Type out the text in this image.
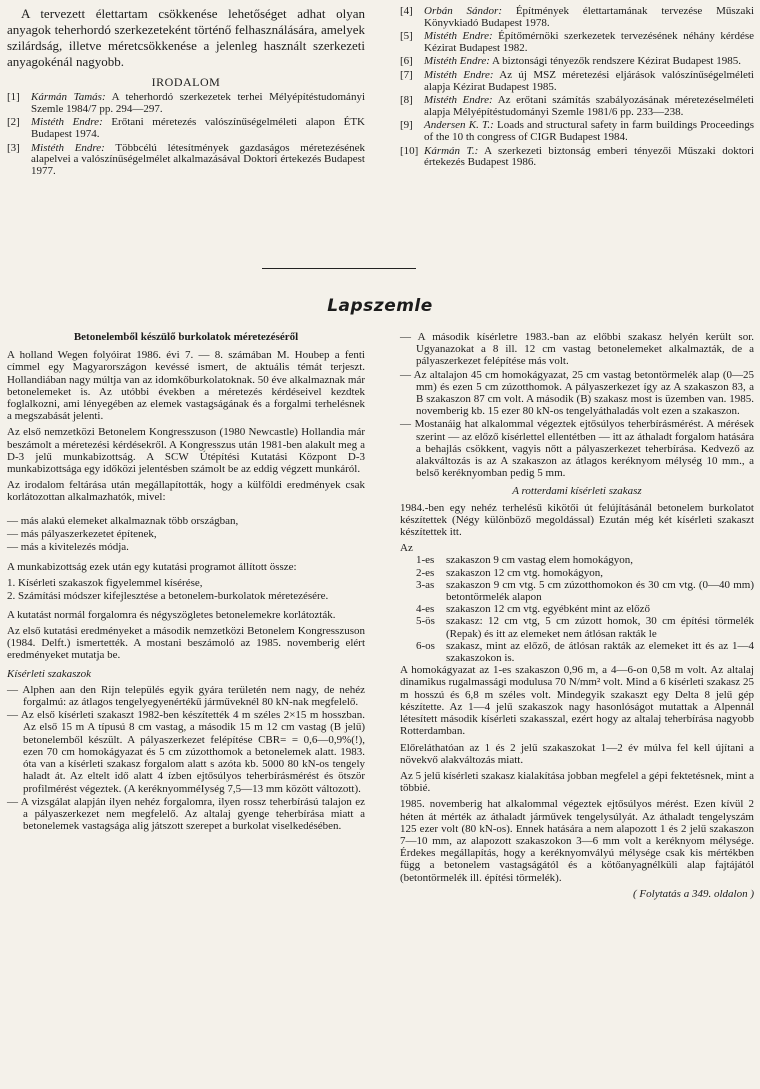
A tervezett élettartam csökkenése lehetőséget adhat olyan anyagok teherhordó szerkezeteként történő felhasználására, amelyek szilárdság, illetve méretcsökkenése a jelenleg használt szerkezeti anyagokénál nagyobb.

IRODALOM
[1]	Kármán Tamás: A teherhordó szerkezetek terhei Mélyépítéstudományi Szemle 1984/7 pp. 294—297.
[2]	Mistéth Endre: Erőtani méretezés valószínűségelméleti alapon ÉTK Budapest 1974.
[3]	Mistéth Endre: Többcélú létesítmények gazdaságos méretezésének alapelvei a valószínűségelmélet alkalmazásával Doktori értekezés Budapest 1977.
[4]	Orbán Sándor: Építmények élettartamának tervezése Műszaki Könyvkiadó Budapest 1978.
[5]	Mistéth Endre: Építőmérnöki szerkezetek tervezésének néhány kérdése Kézirat Budapest 1982.
[6]	Mistéth Endre: A biztonsági tényezők rendszere Kézirat Budapest 1985.
[7]	Mistéth Endre: Az új MSZ méretezési eljárások valószínűségelméleti alapja Kézirat Budapest 1985.
[8]	Mistéth Endre: Az erőtani számítás szabályozásának méretezéselméleti alapja Mélyépítéstudományi Szemle 1981/6 pp. 233—238.
[9]	Andersen K. T.: Loads and structural safety in farm buildings Proceedings of the 10 th congress of CIGR Budapest 1984.
[10] Kármán T.: A szerkezeti biztonság emberi tényezői Műszaki doktori értekezés Budapest 1986.
Lapszemle
Betonelemből készülő burkolatok méretezéséről

A holland Wegen folyóirat 1986. évi 7. — 8. számában M. Houbep a fenti címmel egy Magyarországon kevéssé ismert, de aktuális témát terjeszt. Hollandiában nagy múltja van az idomkőburkolatoknak. 50 éve alkalmaznak már betonelemeket is. Az utóbbi években a méretezés kérdéseivel kezdtek foglalkozni, ami lényegében az elemek vastagságának és a forgalmi terhelésnek a megszabását jelenti.

Az első nemzetközi Betonelem Kongresszuson (1980 Newcastle) Hollandia már beszámolt a méretezési kérdésekről. A Kongresszus után 1981-ben alakult meg a D-3 jelű munkabizottság. A SCW Útépítési Kutatási Központ D-3 munkabizottsága egy időközi jelentésben számolt be az eddig végzett munkáról.

Az irodalom feltárása után megállapították, hogy a külföldi eredmények csak korlátozottan alkalmazhatók, mivel:

— más alakú elemeket alkalmaznak több országban,
— más pályaszerkezetet építenek,
— más a kivitelezés módja.

A munkabizottság ezek után egy kutatási programot állított össze:

1. Kísérleti szakaszok figyelemmel kísérése,
2. Számítási módszer kifejlesztése a betonelem-burkolatok méretezésére.

A kutatást normál forgalomra és négyszögletes betonelemekre korlátozták.

Az első kutatási eredményeket a második nemzetközi Betonelem Kongresszuson (1984. Delft.) ismertették. A mostani beszámoló az 1985. novemberig elért eredményeket mutatja be.

Kísérleti szakaszok
— Alphen aan den Rijn település egyik gyára területén nem nagy, de nehéz forgalmú: az átlagos tengelyegyenértékű járműveknél 80 kN-nak megfelelő.
— Az első kísérleti szakaszt 1982-ben készítették 4 m széles 2×15 m hosszban. Az első 15 m A típusú 8 cm vastag, a második 15 m 12 cm vastag (B jelű) betonelemből készült. A pályaszerkezet felépítése CBR= = 0,6—0,9%(!), ezen 70 cm homokágyazat és 5 cm zúzotthomok a betonelemek alatt. 1983. óta van a kísérleti szakasz forgalom alatt s azóta kb. 5000 80 kN-os tengely haladt át. Az eltelt idő alatt 4 ízben ejtősúlyos teherbírásmérést és ötször profilmérést végeztek. (A keréknyomméIység 7,5—13 mm között változott).
— A vizsgálat alapján ilyen nehéz forgalomra, ilyen rossz teherbírású talajon ez a pályaszerkezet nem megfelelő. Az altalaj gyenge teherbírása miatt a betonelemek vastagsága alig játszott szerepet a burkolat viselkedésében.
— A második kísérletre 1983.-ban az előbbi szakasz helyén került sor. Ugyanazokat a 8 ill. 12 cm vastag betonelemeket alkalmazták, de a pályaszerkezet felépítése más volt.
— Az altalajon 45 cm homokágyazat, 25 cm vastag betontörmelék alap (0—25 mm) és ezen 5 cm zúzotthomok. A pályaszerkezet így az A szakaszon 83, a B szakaszon 87 cm volt. A második (B) szakasz most is üzemben van. 1985. novemberig kb. 15 ezer 80 kN-os tengelyáthaladás volt ezen a szakaszon.
— Mostanáig hat alkalommal végeztek ejtősúlyos teherbírásmérést. A mérések szerint — az előző kísérlettel ellentétben — itt az áthaladt forgalom hatására a behajlás csökkent, vagyis nőtt a pályaszerkezet teherbírása. Kedvező az alakváltozás is az A szakaszon az átlagos keréknyom mélység 10 mm., a belső keréknyomban pedig 5 mm.
A rotterdami kísérleti szakasz

1984.-ben egy nehéz terhelésű kikötői út felújításánál betonelem burkolatot készítettek (Négy különböző megoldással) Ezután még két kísérleti szakaszt készítettek itt.

Az
1-es	szakaszon 9 cm vastag elem homokágyon,
2-es	szakaszon 12 cm vtg. homokágyon,
3-as	szakaszon 9 cm vtg. 5 cm zúzotthomokon és 30 cm vtg. (0—40 mm) betontörmelék alapon
4-es	szakaszon 12 cm vtg. egyébként mint az előző
5-ös	szakasz: 12 cm vtg, 5 cm zúzott homok, 30 cm építési törmelék (Repak) és itt az elemeket nem átlósan rakták le
6-os	szakasz, mint az előző, de átlósan rakták az elemeket itt és az 1—4 szakaszokon is.

A homokágyazat az 1-es szakaszon 0,96 m, a 4—6-on 0,58 m volt. Az altalaj dinamikus rugalmassági modulusa 70 N/mm² volt. Mind a 6 kísérleti szakasz 25 m hosszú és 6,8 m széles volt. Mindegyik szakaszt egy Delta 8 jelű gép készítette. Az 1—4 jelű szakaszok nagy hasonlóságot mutattak a Alpennál létesített második kísérleti szakasszal, ezért hogy az altalaj teherbírása nagyobb Rotterdamban.

Előreláthatóan az 1 és 2 jelű szakaszokat 1—2 év múlva fel kell újítani a növekvő alakváltozás miatt.

Az 5 jelű kísérleti szakasz kialakítása jobban megfelel a gépi fektetésnek, mint a többié.

1985. novemberig hat alkalommal végeztek ejtősúlyos mérést. Ezen kívül 2 héten át mérték az áthaladt járművek tengelysúlyát. Az áthaladt tengelyszám 125 ezer volt (80 kN-os). Ennek hatására a nem alapozott 1 és 2 jelű szakaszon 7—10 mm, az alapozott szakaszokon 3—6 mm volt a keréknyom mélysége. Érdekes megállapítás, hogy a keréknyomvályú mélysége csak kis mértékben függ a betonelem vastagságától és a kötőanyagnélküli alap fajtájától (betontörmelék ill. építési törmelék).

( Folytatás a 349. oldalon )
